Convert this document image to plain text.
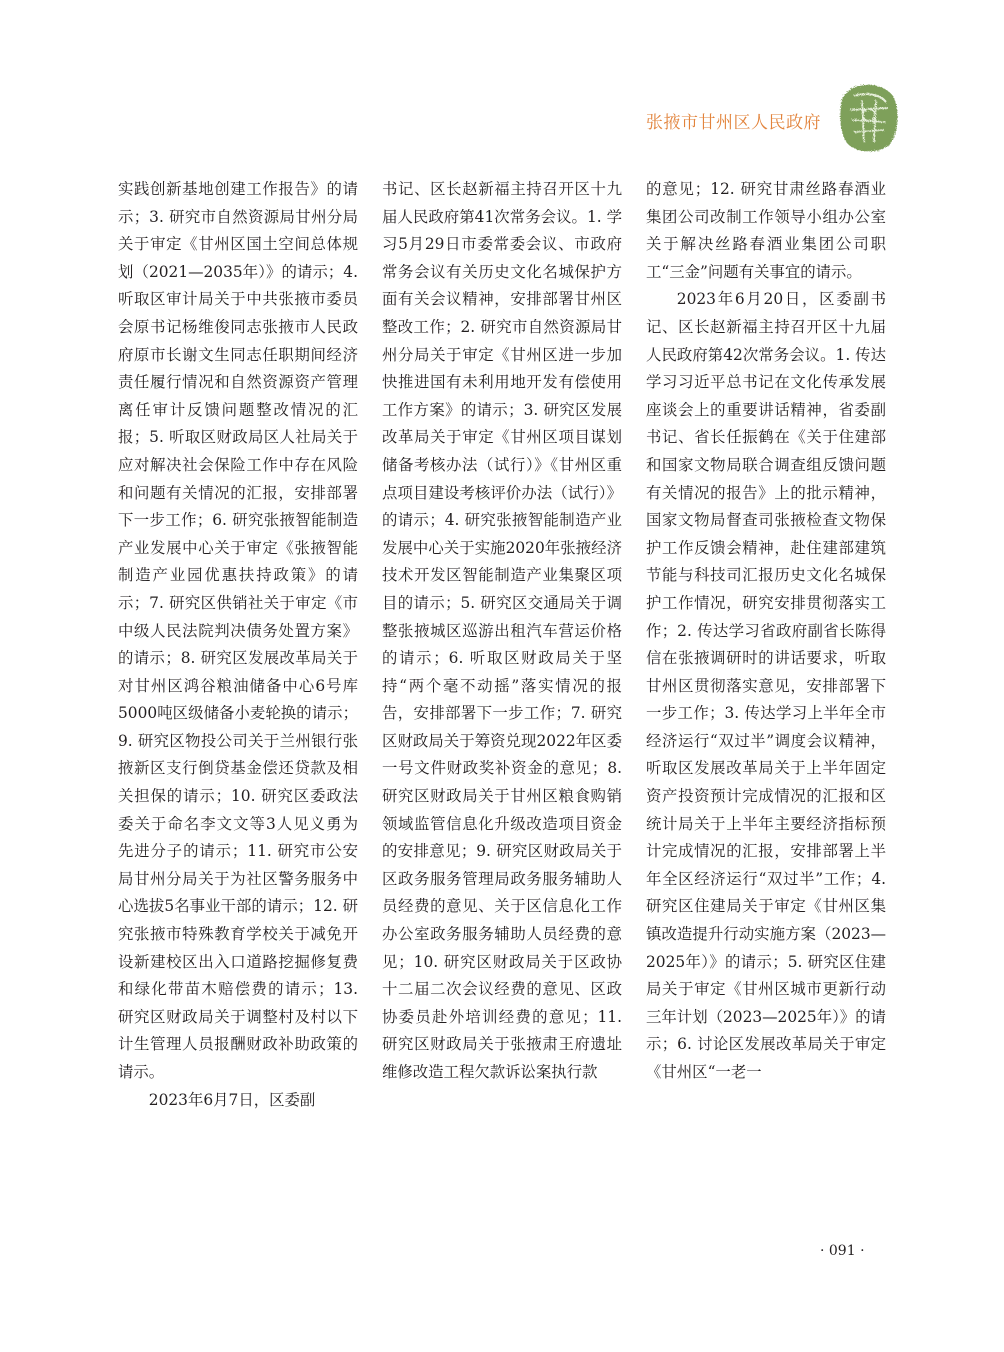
张掖市甘州区人民政府

实践创新基地创建工作报告》的请示；3. 研究市自然资源局甘州分局关于审定《甘州区国土空间总体规划（2021—2035年）》的请示；4. 听取区审计局关于中共张掖市委员会原书记杨维俊同志张掖市人民政府原市长谢文生同志任职期间经济责任履行情况和自然资源资产管理离任审计反馈问题整改情况的汇报；5. 听取区财政局区人社局关于应对解决社会保险工作中存在风险和问题有关情况的汇报，安排部署下一步工作；6. 研究张掖智能制造产业发展中心关于审定《张掖智能制造产业园优惠扶持政策》的请示；7. 研究区供销社关于审定《市中级人民法院判决债务处置方案》的请示；8. 研究区发展改革局关于对甘州区鸿谷粮油储备中心6号库5000吨区级储备小麦轮换的请示；9. 研究区物投公司关于兰州银行张掖新区支行倒贷基金偿还贷款及相关担保的请示；10. 研究区委政法委关于命名李文文等3人见义勇为先进分子的请示；11. 研究市公安局甘州分局关于为社区警务服务中心选拔5名事业干部的请示；12. 研究张掖市特殊教育学校关于减免开设新建校区出入口道路挖掘修复费和绿化带苗木赔偿费的请示；13. 研究区财政局关于调整村及村以下计生管理人员报酬财政补助政策的请示。

2023年6月7日，区委副

书记、区长赵新福主持召开区十九届人民政府第41次常务会议。1. 学习5月29日市委常委会议、市政府常务会议有关历史文化名城保护方面有关会议精神，安排部署甘州区整改工作；2. 研究市自然资源局甘州分局关于审定《甘州区进一步加快推进国有未利用地开发有偿使用工作方案》的请示；3. 研究区发展改革局关于审定《甘州区项目谋划储备考核办法（试行）》《甘州区重点项目建设考核评价办法（试行）》的请示；4. 研究张掖智能制造产业发展中心关于实施2020年张掖经济技术开发区智能制造产业集聚区项目的请示；5. 研究区交通局关于调整张掖城区巡游出租汽车营运价格的请示；6. 听取区财政局关于坚持“两个毫不动摇”落实情况的报告，安排部署下一步工作；7. 研究区财政局关于筹资兑现2022年区委一号文件财政奖补资金的意见；8. 研究区财政局关于甘州区粮食购销领域监管信息化升级改造项目资金的安排意见；9. 研究区财政局关于区政务服务管理局政务服务辅助人员经费的意见、关于区信息化工作办公室政务服务辅助人员经费的意见；10. 研究区财政局关于区政协十二届二次会议经费的意见、区政协委员赴外培训经费的意见；11. 研究区财政局关于张掖肃王府遗址维修改造工程欠款诉讼案执行款

的意见；12. 研究甘肃丝路春酒业集团公司改制工作领导小组办公室关于解决丝路春酒业集团公司职工“三金”问题有关事宜的请示。

2023年6月20日，区委副书记、区长赵新福主持召开区十九届人民政府第42次常务会议。1. 传达学习习近平总书记在文化传承发展座谈会上的重要讲话精神，省委副书记、省长任振鹤在《关于住建部和国家文物局联合调查组反馈问题有关情况的报告》上的批示精神，国家文物局督查司张掖检查文物保护工作反馈会精神，赴住建部建筑节能与科技司汇报历史文化名城保护工作情况，研究安排贯彻落实工作；2. 传达学习省政府副省长陈得信在张掖调研时的讲话要求，听取甘州区贯彻落实意见，安排部署下一步工作；3. 传达学习上半年全市经济运行“双过半”调度会议精神，听取区发展改革局关于上半年固定资产投资预计完成情况的汇报和区统计局关于上半年主要经济指标预计完成情况的汇报，安排部署上半年全区经济运行“双过半”工作；4. 研究区住建局关于审定《甘州区集镇改造提升行动实施方案（2023—2025年）》的请示；5. 研究区住建局关于审定《甘州区城市更新行动三年计划（2023—2025年）》的请示；6. 讨论区发展改革局关于审定《甘州区“一老一

· 091 ·
